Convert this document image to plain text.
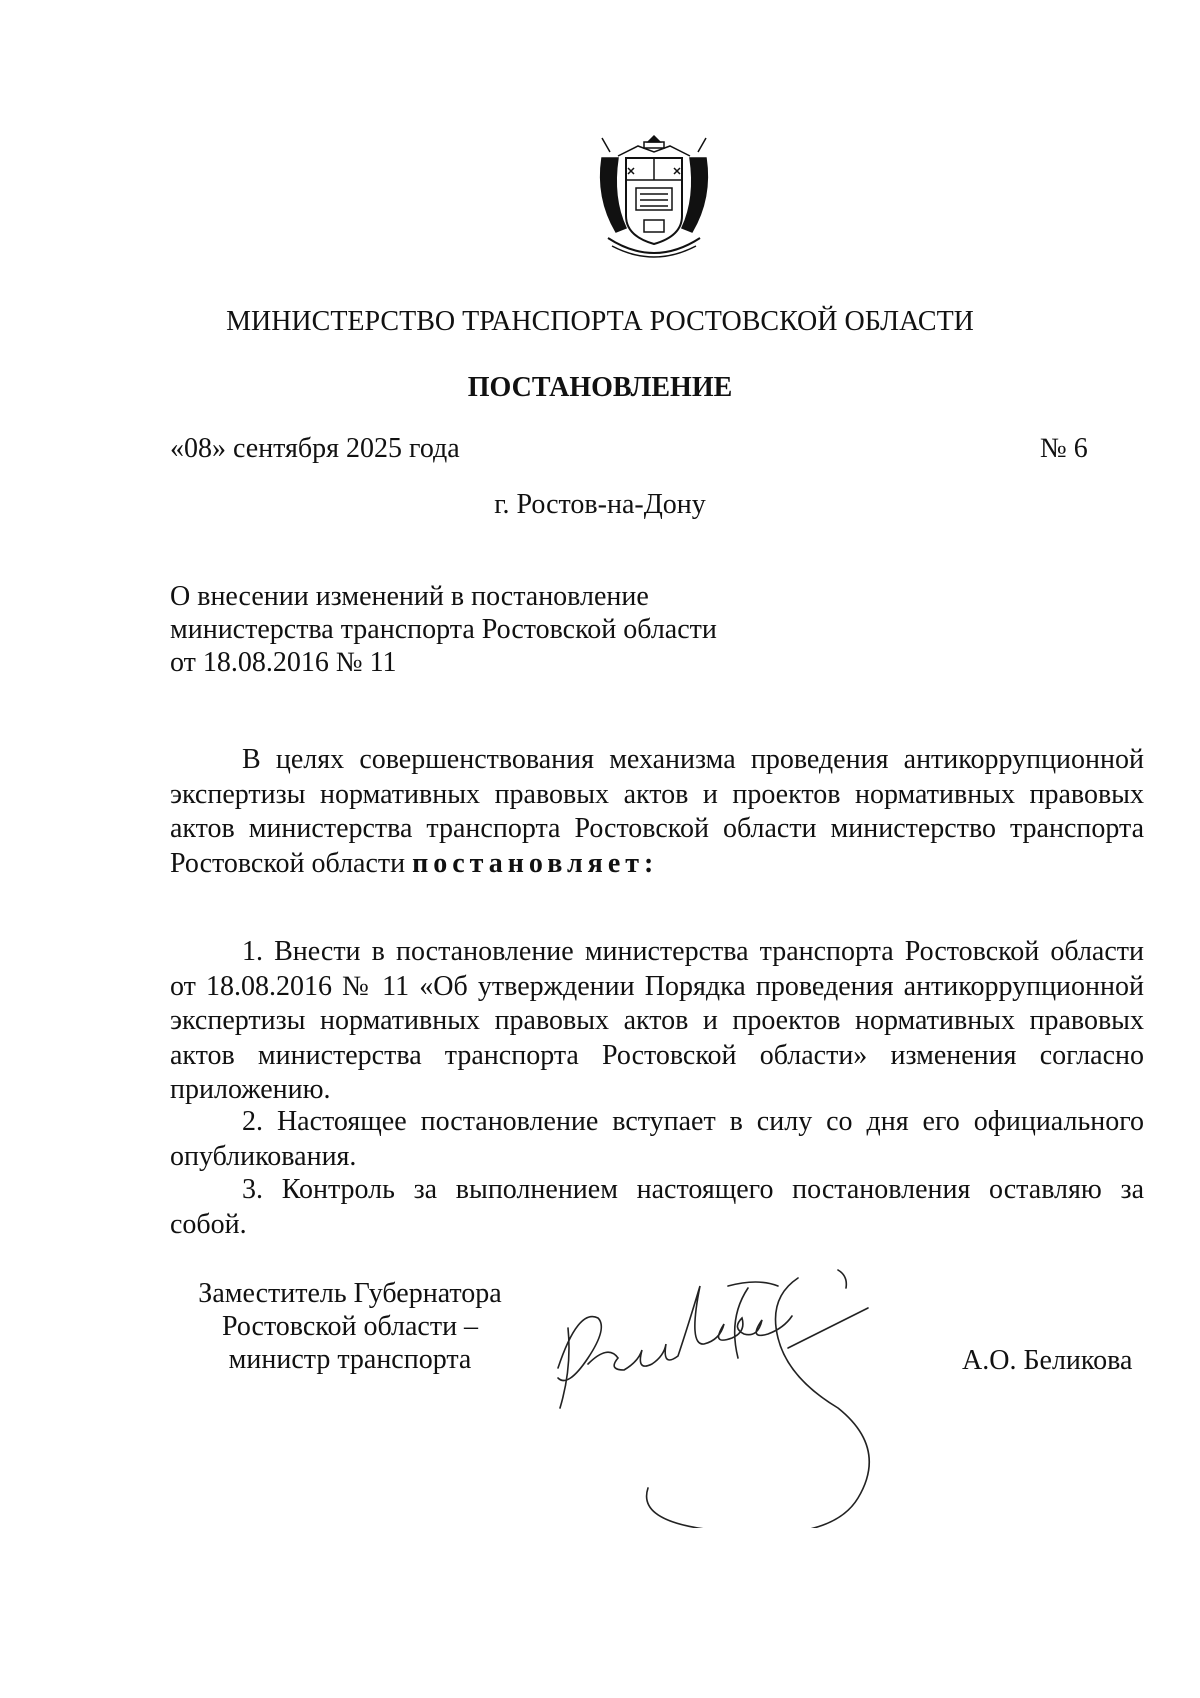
МИНИСТЕРСТВО ТРАНСПОРТА РОСТОВСКОЙ ОБЛАСТИ
ПОСТАНОВЛЕНИЕ
«08» сентября 2025 года	№ 6
г. Ростов-на-Дону
О внесении изменений в постановление
министерства транспорта Ростовской области
от 18.08.2016 № 11
В целях совершенствования механизма проведения антикоррупционной экспертизы нормативных правовых актов и проектов нормативных правовых актов министерства транспорта Ростовской области министерство транспорта Ростовской области постановляет:
1. Внести в постановление министерства транспорта Ростовской области от 18.08.2016 № 11 «Об утверждении Порядка проведения антикоррупционной экспертизы нормативных правовых актов и проектов нормативных правовых актов министерства транспорта Ростовской области» изменения согласно приложению.
2. Настоящее постановление вступает в силу со дня его официального опубликования.
3. Контроль за выполнением настоящего постановления оставляю за собой.
Заместитель Губернатора
Ростовской области –
министр транспорта	А.О. Беликова
